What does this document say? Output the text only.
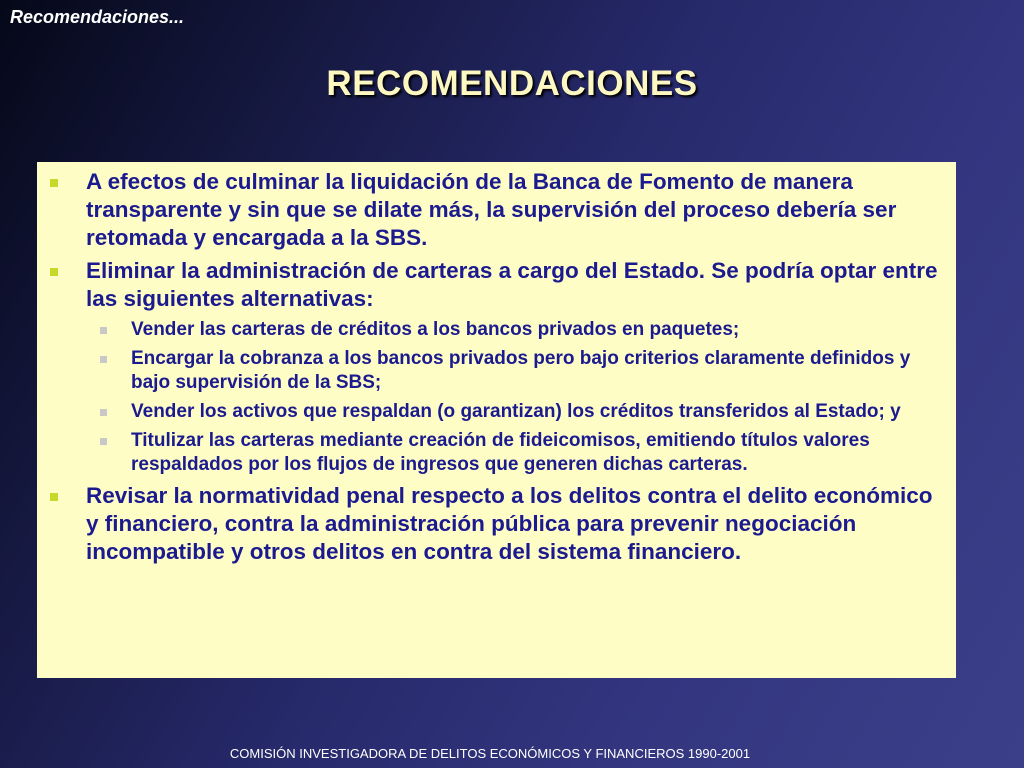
Recomendaciones...
RECOMENDACIONES
A efectos de culminar la liquidación de la Banca de Fomento de manera transparente y sin que se dilate más, la supervisión del proceso debería ser retomada y encargada a la SBS.
Eliminar la administración de carteras a cargo del Estado. Se podría optar entre las siguientes alternativas:
Vender las carteras de créditos a los bancos privados en paquetes;
Encargar la cobranza a los bancos privados pero bajo criterios claramente definidos y bajo supervisión de la SBS;
Vender los activos que respaldan (o garantizan) los créditos transferidos al Estado; y
Titulizar las carteras mediante creación de fideicomisos, emitiendo títulos valores respaldados por los flujos de ingresos que generen dichas carteras.
Revisar la normatividad penal respecto a los delitos contra el delito económico y financiero, contra la administración pública para prevenir negociación incompatible y otros delitos en contra del sistema financiero.
COMISIÓN INVESTIGADORA DE DELITOS ECONÓMICOS Y FINANCIEROS 1990-2001
